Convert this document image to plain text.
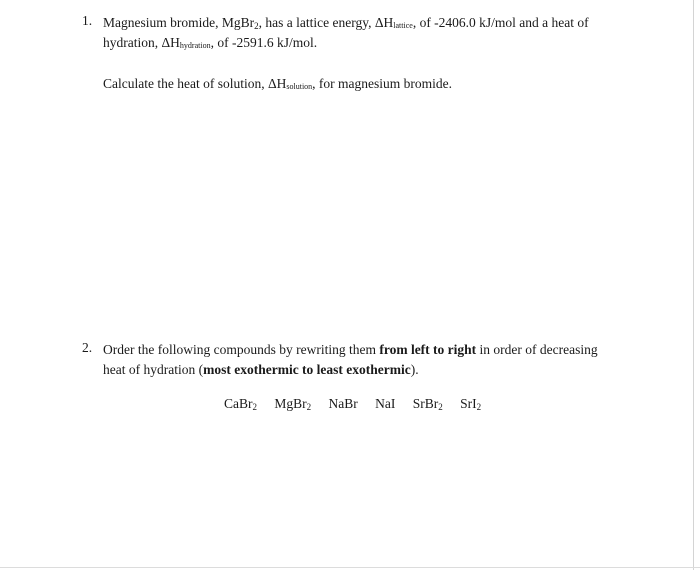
1. Magnesium bromide, MgBr$_2$, has a lattice energy, $\Delta H_{lattice}$, of -2406.0 kJ/mol and a heat of
hydration, $\Delta H_{hydration}$, of -2591.6 kJ/mol.
Calculate the heat of solution, $\Delta H_{solution}$, for magnesium bromide.
2. Order the following compounds by rewriting them from left to right in order of decreasing
heat of hydration (most exothermic to least exothermic).
CaBr$_2$ MgBr$_2$ NaBr NaI SrBr$_2$ SrI$_2$
